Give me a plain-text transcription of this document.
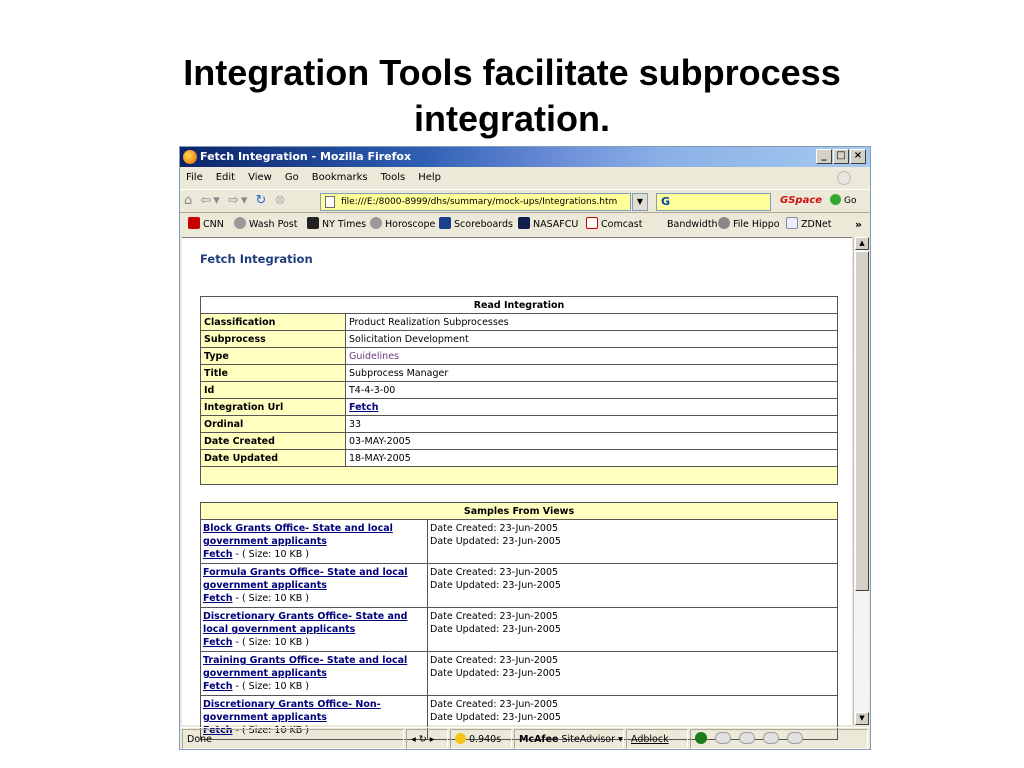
Integration Tools facilitate subprocess
integration.
Fetch Integration - Mozilla Firefox	_ □ ×
File Edit View Go Bookmarks Tools Help
⌂ ⇦▾ ⇨▾ ↻ ⊗	file:///E:/8000-8999/dhs/summary/mock-ups/Integrations.htm	▼	G	GSpace	Go
CNN	Wash Post	NY Times	Horoscope	Scoreboards	NASAFCU	Comcast	Bandwidth	File Hippo	ZDNet »
Fetch Integration
Read Integration	
Classification	Product Realization Subprocesses
Subprocess	Solicitation Development
Type	Guidelines
Title	Subprocess Manager
Id	T4-4-3-00
Integration Url	Fetch
Ordinal	33
Date Created	03-MAY-2005
Date Updated	18-MAY-2005

Samples From Views	
Block Grants Office- State and local government applicants
Fetch - ( Size: 10 KB )	Date Created: 23-Jun-2005
Date Updated: 23-Jun-2005
Formula Grants Office- State and local government applicants
Fetch - ( Size: 10 KB )	Date Created: 23-Jun-2005
Date Updated: 23-Jun-2005
Discretionary Grants Office- State and local government applicants
Fetch - ( Size: 10 KB )	Date Created: 23-Jun-2005
Date Updated: 23-Jun-2005
Training Grants Office- State and local government applicants
Fetch - ( Size: 10 KB )	Date Created: 23-Jun-2005
Date Updated: 23-Jun-2005
Discretionary Grants Office- Non-government applicants
Fetch - ( Size: 10 KB )	Date Created: 23-Jun-2005
Date Updated: 23-Jun-2005
▲
▼
Done	◂ ↻ ▸	0.940s	McAfee SiteAdvisor ▾ Adblock
